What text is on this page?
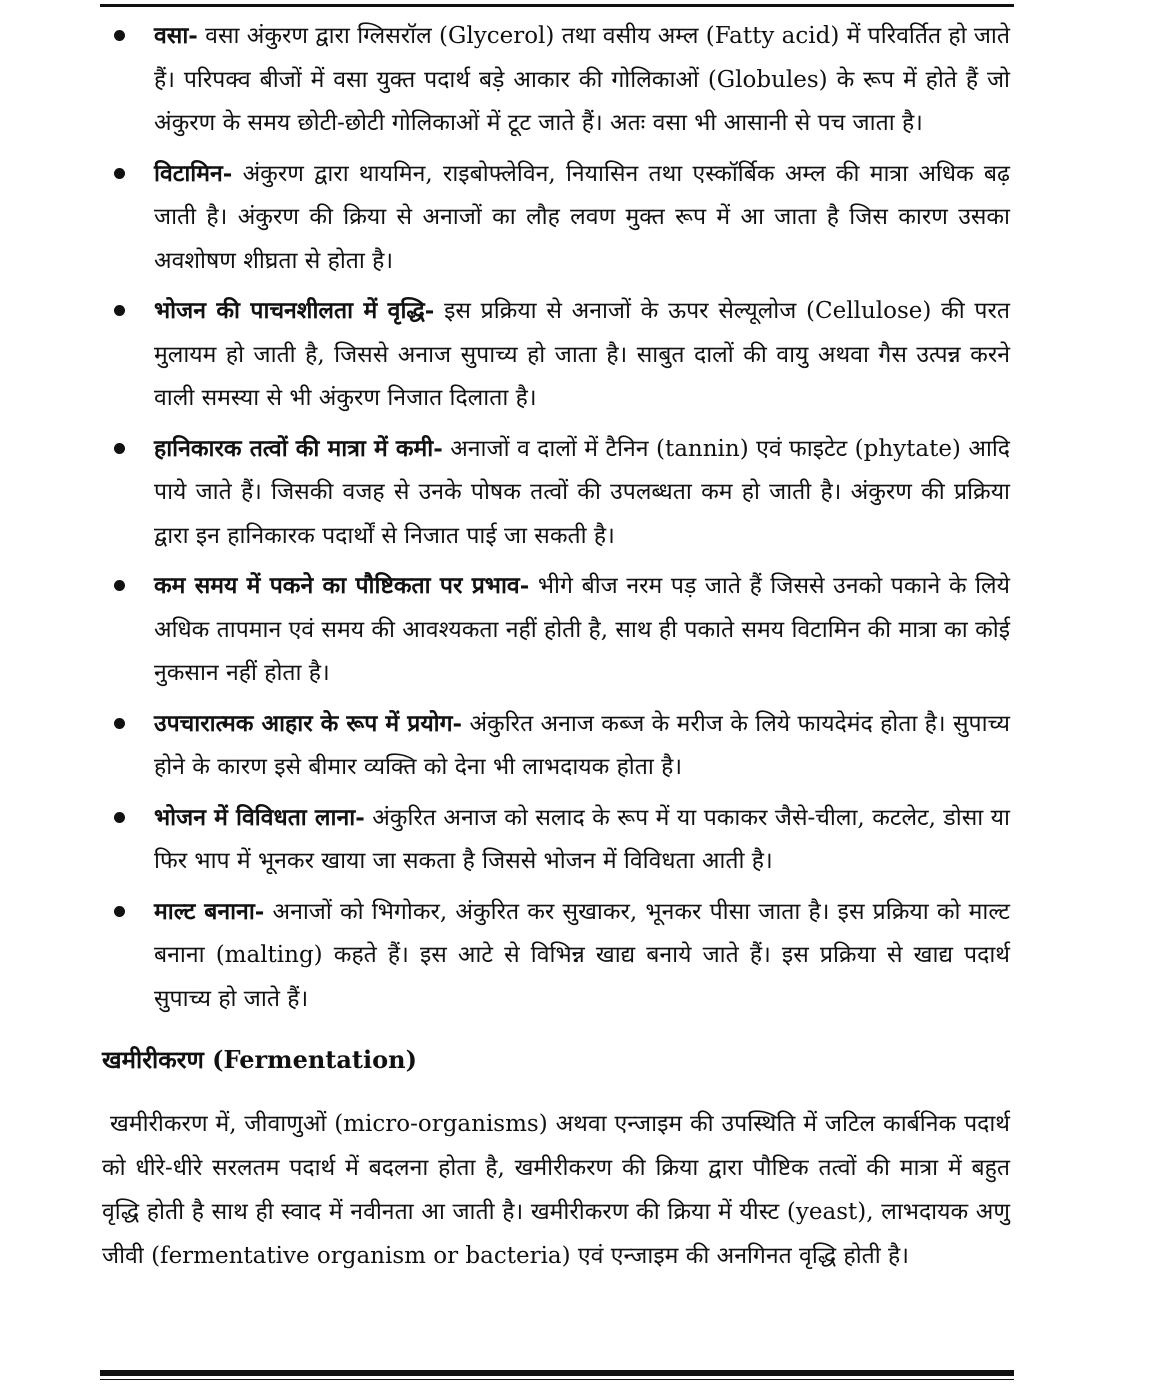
वसा- वसा अंकुरण द्वारा ग्लिसरॉल (Glycerol) तथा वसीय अम्ल (Fatty acid) में परिवर्तित हो जाते हैं। परिपक्व बीजों में वसा युक्त पदार्थ बड़े आकार की गोलिकाओं (Globules) के रूप में होते हैं जो अंकुरण के समय छोटी-छोटी गोलिकाओं में टूट जाते हैं। अतः वसा भी आसानी से पच जाता है।

विटामिन- अंकुरण द्वारा थायमिन, राइबोफ्लेविन, नियासिन तथा एस्कॉर्बिक अम्ल की मात्रा अधिक बढ़ जाती है। अंकुरण की क्रिया से अनाजों का लौह लवण मुक्त रूप में आ जाता है जिस कारण उसका अवशोषण शीघ्रता से होता है।

भोजन की पाचनशीलता में वृद्धि- इस प्रक्रिया से अनाजों के ऊपर सेल्यूलोज (Cellulose) की परत मुलायम हो जाती है, जिससे अनाज सुपाच्य हो जाता है। साबुत दालों की वायु अथवा गैस उत्पन्न करने वाली समस्या से भी अंकुरण निजात दिलाता है।

हानिकारक तत्वों की मात्रा में कमी- अनाजों व दालों में टैनिन (tannin) एवं फाइटेट (phytate) आदि पाये जाते हैं। जिसकी वजह से उनके पोषक तत्वों की उपलब्धता कम हो जाती है। अंकुरण की प्रक्रिया द्वारा इन हानिकारक पदार्थों से निजात पाई जा सकती है।

कम समय में पकने का पौष्टिकता पर प्रभाव- भीगे बीज नरम पड़ जाते हैं जिससे उनको पकाने के लिये अधिक तापमान एवं समय की आवश्यकता नहीं होती है, साथ ही पकाते समय विटामिन की मात्रा का कोई नुकसान नहीं होता है।

उपचारात्मक आहार के रूप में प्रयोग- अंकुरित अनाज कब्ज के मरीज के लिये फायदेमंद होता है। सुपाच्य होने के कारण इसे बीमार व्यक्ति को देना भी लाभदायक होता है।

भोजन में विविधता लाना- अंकुरित अनाज को सलाद के रूप में या पकाकर जैसे-चीला, कटलेट, डोसा या फिर भाप में भूनकर खाया जा सकता है जिससे भोजन में विविधता आती है।

माल्ट बनाना- अनाजों को भिगोकर, अंकुरित कर सुखाकर, भूनकर पीसा जाता है। इस प्रक्रिया को माल्ट बनाना (malting) कहते हैं। इस आटे से विभिन्न खाद्य बनाये जाते हैं। इस प्रक्रिया से खाद्य पदार्थ सुपाच्य हो जाते हैं।

खमीरीकरण (Fermentation)

खमीरीकरण में, जीवाणुओं (micro-organisms) अथवा एन्जाइम की उपस्थिति में जटिल कार्बनिक पदार्थ को धीरे-धीरे सरलतम पदार्थ में बदलना होता है, खमीरीकरण की क्रिया द्वारा पौष्टिक तत्वों की मात्रा में बहुत वृद्धि होती है साथ ही स्वाद में नवीनता आ जाती है। खमीरीकरण की क्रिया में यीस्ट (yeast), लाभदायक अणु जीवी (fermentative organism or bacteria) एवं एन्जाइम की अनगिनत वृद्धि होती है।
